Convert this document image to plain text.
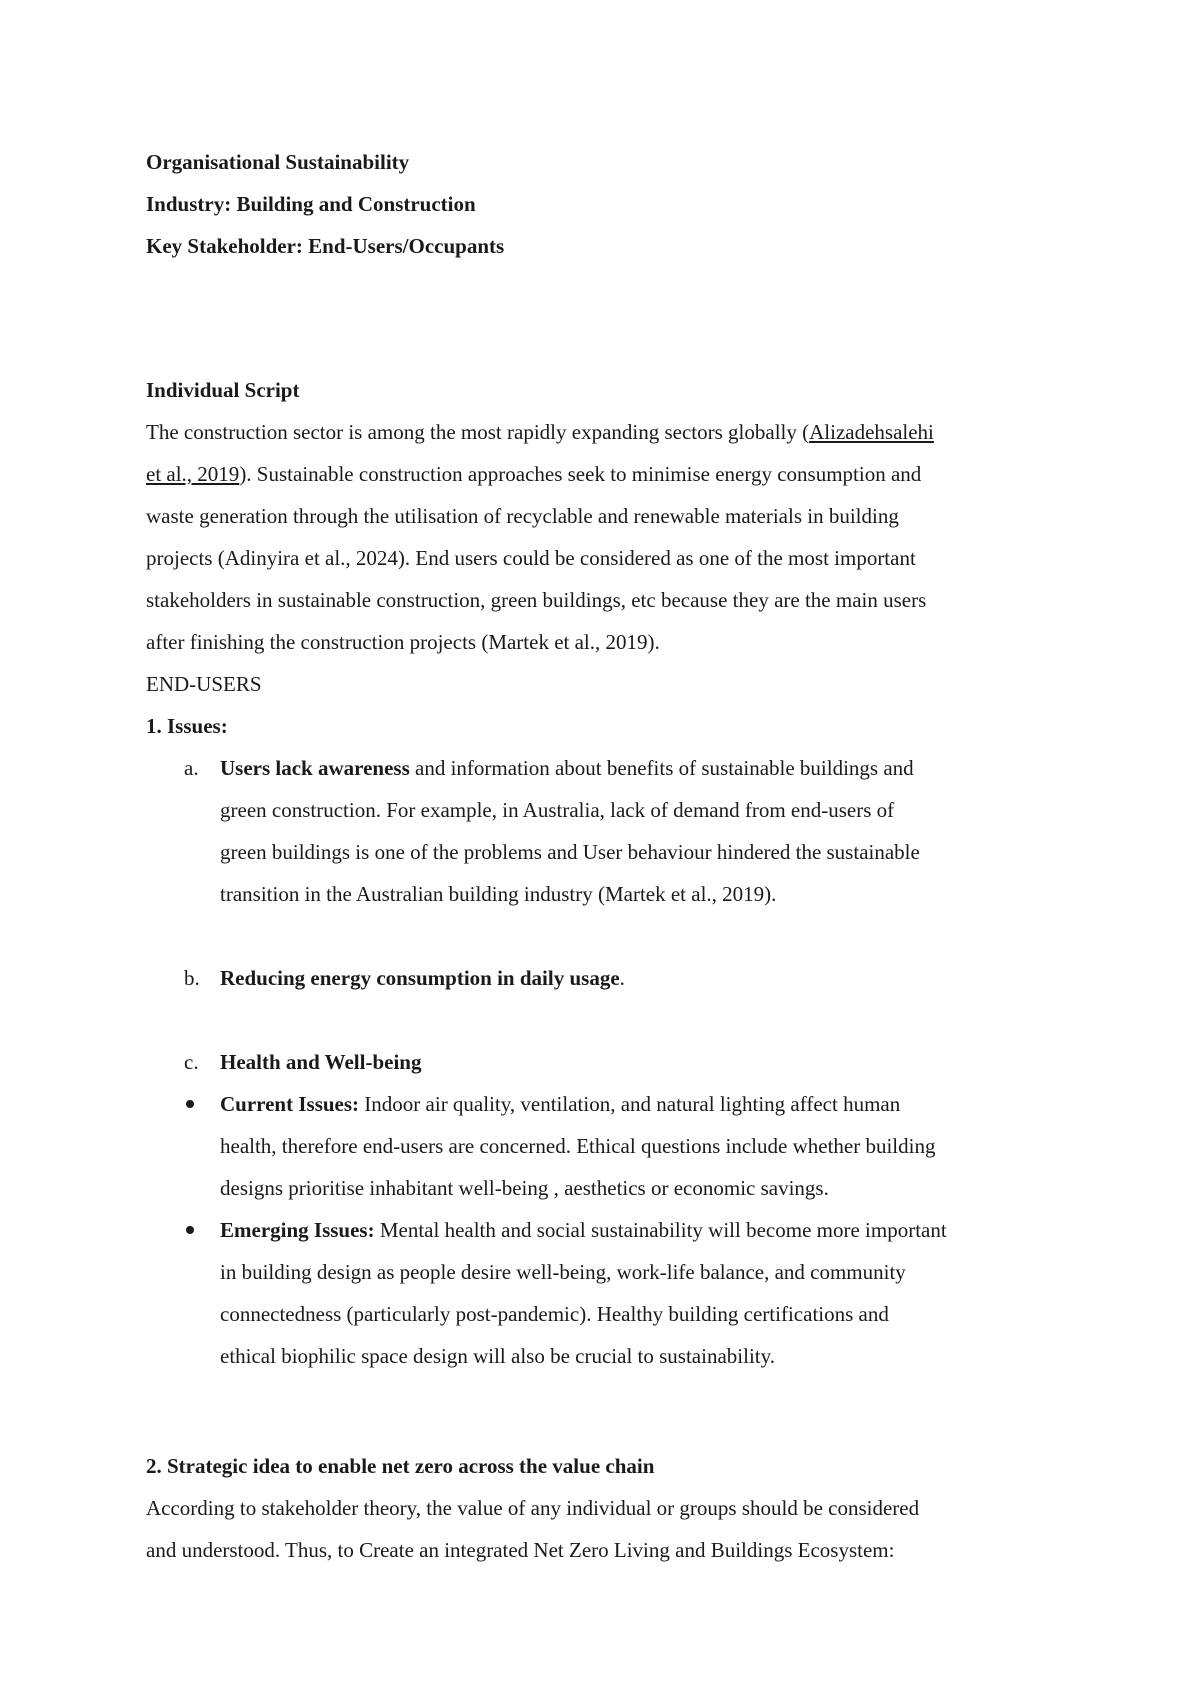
Organisational Sustainability
Industry: Building and Construction
Key Stakeholder: End-Users/Occupants
Individual Script
The construction sector is among the most rapidly expanding sectors globally (Alizadehsalehi
et al., 2019). Sustainable construction approaches seek to minimise energy consumption and
waste generation through the utilisation of recyclable and renewable materials in building
projects (Adinyira et al., 2024). End users could be considered as one of the most important
stakeholders in sustainable construction, green buildings, etc because they are the main users
after finishing the construction projects (Martek et al., 2019).
END-USERS
1. Issues:
a. Users lack awareness and information about benefits of sustainable buildings and
green construction. For example, in Australia, lack of demand from end-users of
green buildings is one of the problems and User behaviour hindered the sustainable
transition in the Australian building industry (Martek et al., 2019).
b. Reducing energy consumption in daily usage.
c. Health and Well-being
Current Issues: Indoor air quality, ventilation, and natural lighting affect human
health, therefore end-users are concerned. Ethical questions include whether building
designs prioritise inhabitant well-being , aesthetics or economic savings.
Emerging Issues: Mental health and social sustainability will become more important
in building design as people desire well-being, work-life balance, and community
connectedness (particularly post-pandemic). Healthy building certifications and
ethical biophilic space design will also be crucial to sustainability.
2. Strategic idea to enable net zero across the value chain
According to stakeholder theory, the value of any individual or groups should be considered
and understood. Thus, to Create an integrated Net Zero Living and Buildings Ecosystem:
